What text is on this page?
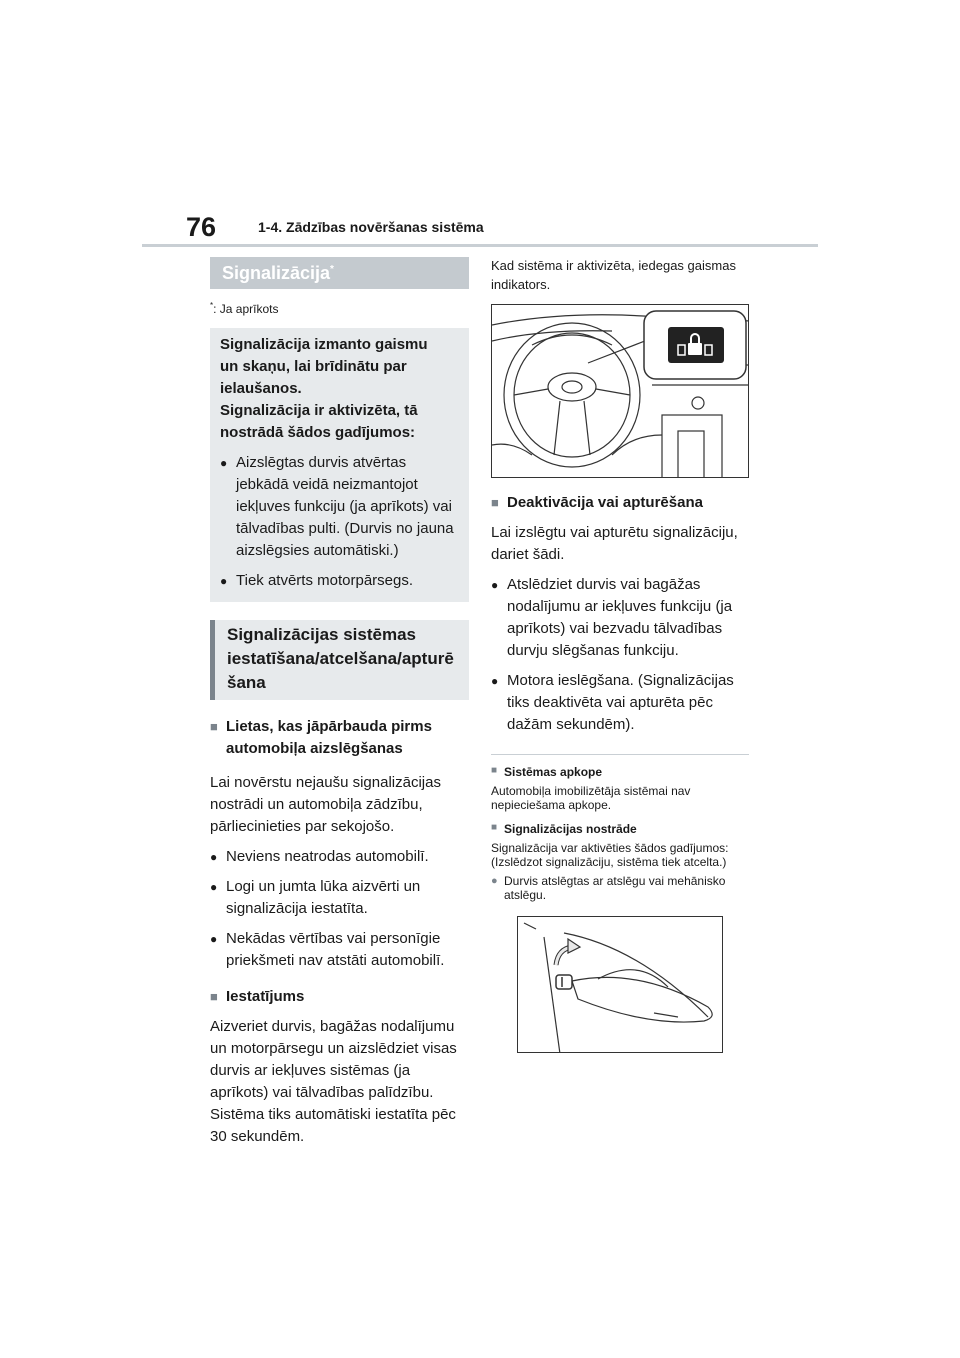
76	1-4. Zādzības novēršanas sistēma
Signalizācija*
*: Ja aprīkots
Signalizācija izmanto gaismu
un skaņu, lai brīdinātu par
ielaušanos.
Signalizācija ir aktivizēta, tā
nostrādā šādos gadījumos:
● Aizslēgtas durvis atvērtas jebkādā veidā neizmantojot iekļuves funkciju (ja aprīkots) vai tālvadības pulti. (Durvis no jauna aizslēgsies automātiski.)
● Tiek atvērts motorpārsegs.
Signalizācijas sistēmas iestatīšana/atcelšana/apturē šana
■ Lietas, kas jāpārbauda pirms automobiļa aizslēgšanas
Lai novērstu nejaušu signalizācijas nostrādi un automobiļa zādzību, pārliecinieties par sekojošo.
● Neviens neatrodas automobilī.
● Logi un jumta lūka aizvērti un signalizācija iestatīta.
● Nekādas vērtības vai personīgie priekšmeti nav atstāti automobilī.
■ Iestatījums
Aizveriet durvis, bagāžas nodalījumu un motorpārsegu un aizslēdziet visas durvis ar iekļuves sistēmas (ja aprīkots) vai tālvadības palīdzību. Sistēma tiks automātiski iestatīta pēc 30 sekundēm.
Kad sistēma ir aktivizēta, iedegas gaismas indikators.
■ Deaktivācija vai apturēšana
Lai izslēgtu vai apturētu signalizāciju, dariet šādi.
● Atslēdziet durvis vai bagāžas nodalījumu ar iekļuves funkciju (ja aprīkots) vai bezvadu tālvadības durvju slēgšanas funkciju.
● Motora ieslēgšana. (Signalizācijas tiks deaktivēta vai apturēta pēc dažām sekundēm).
■ Sistēmas apkope
Automobiļa imobilizētāja sistēmai nav nepieciešama apkope.
■ Signalizācijas nostrāde
Signalizācija var aktivēties šādos gadījumos:
(Izslēdzot signalizāciju, sistēma tiek atcelta.)
● Durvis atslēgtas ar atslēgu vai mehānisko atslēgu.
